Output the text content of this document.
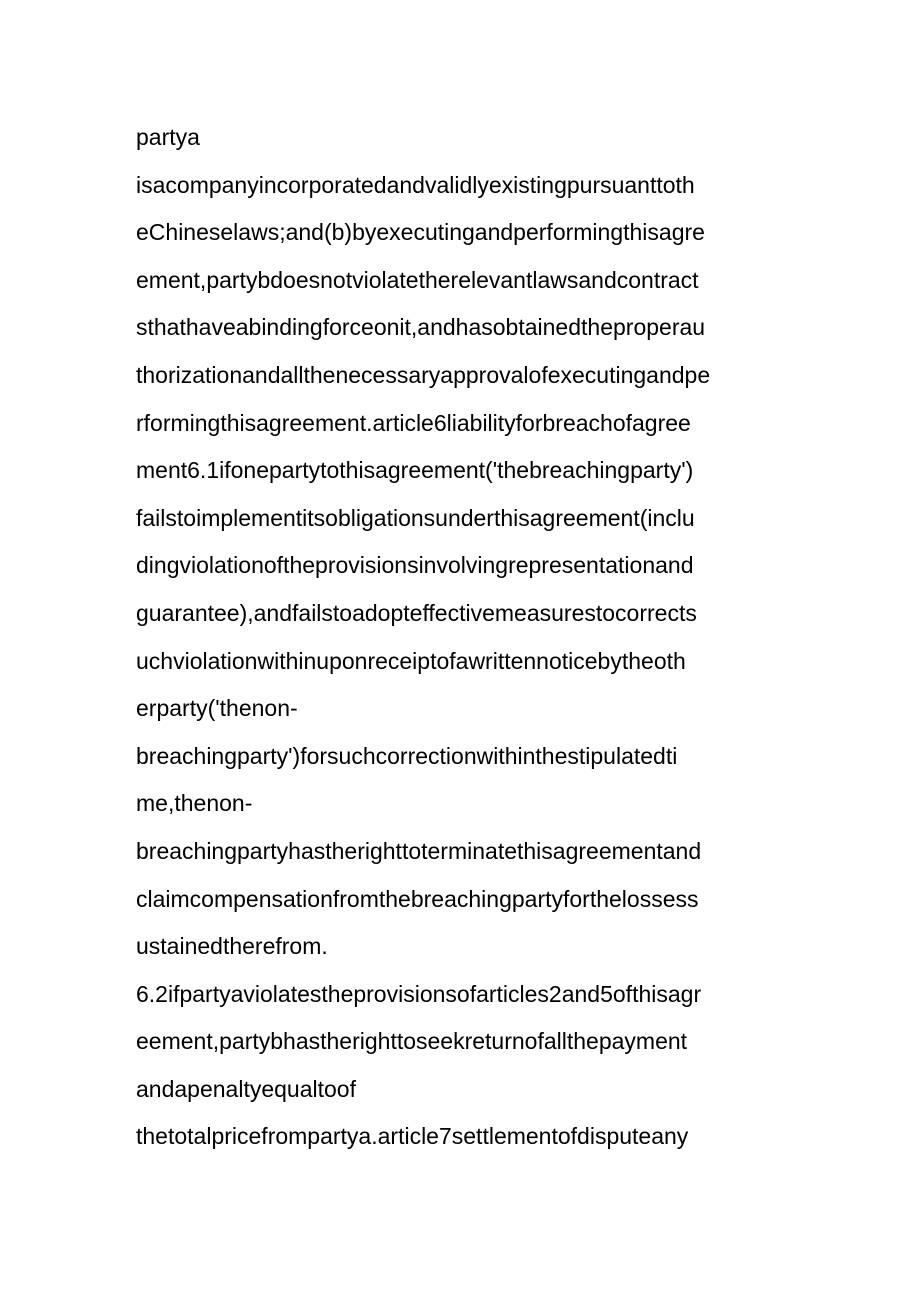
partya
isacompanyincorporatedandvalidlyexistingpursuanttoth
eChineselaws;and(b)byexecutingandperformingthisagre
ement,partybdoesnotviolatetherelevantlawsandcontract
sthathaveabindingforceonit,andhasobtainedtheproperau
thorizationandallthenecessaryapprovalofexecutingandpe
rformingthisagreement.article6liabilityforbreachofagree
ment6.1ifonepartytothisagreement('thebreachingparty')
failstoimplementitsobligationsunderthisagreement(inclu
dingviolationoftheprovisionsinvolvingrepresentationand
guarantee),andfailstoadopteffectivemeasurestocorrects
uchviolationwithinuponreceiptofawrittennoticebytheoth
erparty('thenon-
breachingparty')forsuchcorrectionwithinthestipulatedti
me,thenon-
breachingpartyhastherighttoterminatethisagreementand
claimcompensationfromthebreachingpartyforthelossess
ustainedtherefrom.
6.2ifpartyaviolatestheprovisionsofarticles2and5ofthisagr
eement,partybhastherighttoseekreturnofallthepayment
andapenaltyequaltoof
thetotalpricefrompartya.article7settlementofdisputeany
